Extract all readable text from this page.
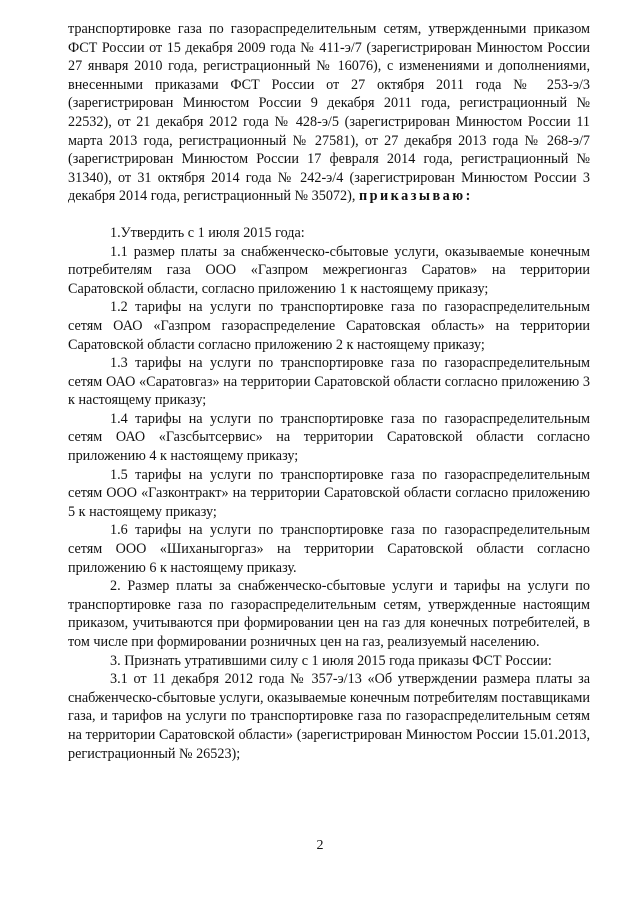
транспортировке газа по газораспределительным сетям, утвержденными приказом ФСТ России от 15 декабря 2009 года № 411-э/7 (зарегистрирован Минюстом России 27 января 2010 года, регистрационный № 16076), с изменениями и дополнениями, внесенными приказами ФСТ России от 27 октября 2011 года № 253-э/3 (зарегистрирован Минюстом России 9 декабря 2011 года, регистрационный № 22532), от 21 декабря 2012 года № 428-э/5 (зарегистрирован Минюстом России 11 марта 2013 года, регистрационный № 27581), от 27 декабря 2013 года № 268-э/7 (зарегистрирован Минюстом России 17 февраля 2014 года, регистрационный № 31340), от 31 октября 2014 года № 242-э/4 (зарегистрирован Минюстом России 3 декабря 2014 года, регистрационный № 35072), приказываю:

1.Утвердить с 1 июля 2015 года:

1.1 размер платы за снабженческо-сбытовые услуги, оказываемые конечным потребителям газа ООО «Газпром межрегионгаз Саратов» на территории Саратовской области, согласно приложению 1 к настоящему приказу;

1.2 тарифы на услуги по транспортировке газа по газораспределительным сетям ОАО «Газпром газораспределение Саратовская область» на территории Саратовской области согласно приложению 2 к настоящему приказу;

1.3 тарифы на услуги по транспортировке газа по газораспределительным сетям ОАО «Саратовгаз» на территории Саратовской области согласно приложению 3 к настоящему приказу;

1.4 тарифы на услуги по транспортировке газа по газораспределительным сетям ОАО «Газсбытсервис» на территории Саратовской области согласно приложению 4 к настоящему приказу;

1.5 тарифы на услуги по транспортировке газа по газораспределительным сетям ООО «Газконтракт» на территории Саратовской области согласно приложению 5 к настоящему приказу;

1.6 тарифы на услуги по транспортировке газа по газораспределительным сетям ООО «Шиханыгоргаз» на территории Саратовской области согласно приложению 6 к настоящему приказу.

2. Размер платы за снабженческо-сбытовые услуги и тарифы на услуги по транспортировке газа по газораспределительным сетям, утвержденные настоящим приказом, учитываются при формировании цен на газ для конечных потребителей, в том числе при формировании розничных цен на газ, реализуемый населению.

3. Признать утратившими силу с 1 июля 2015 года приказы ФСТ России:

3.1 от 11 декабря 2012 года № 357-э/13 «Об утверждении размера платы за снабженческо-сбытовые услуги, оказываемые конечным потребителям поставщиками газа, и тарифов на услуги по транспортировке газа по газораспределительным сетям на территории Саратовской области» (зарегистрирован Минюстом России 15.01.2013, регистрационный № 26523);

2
